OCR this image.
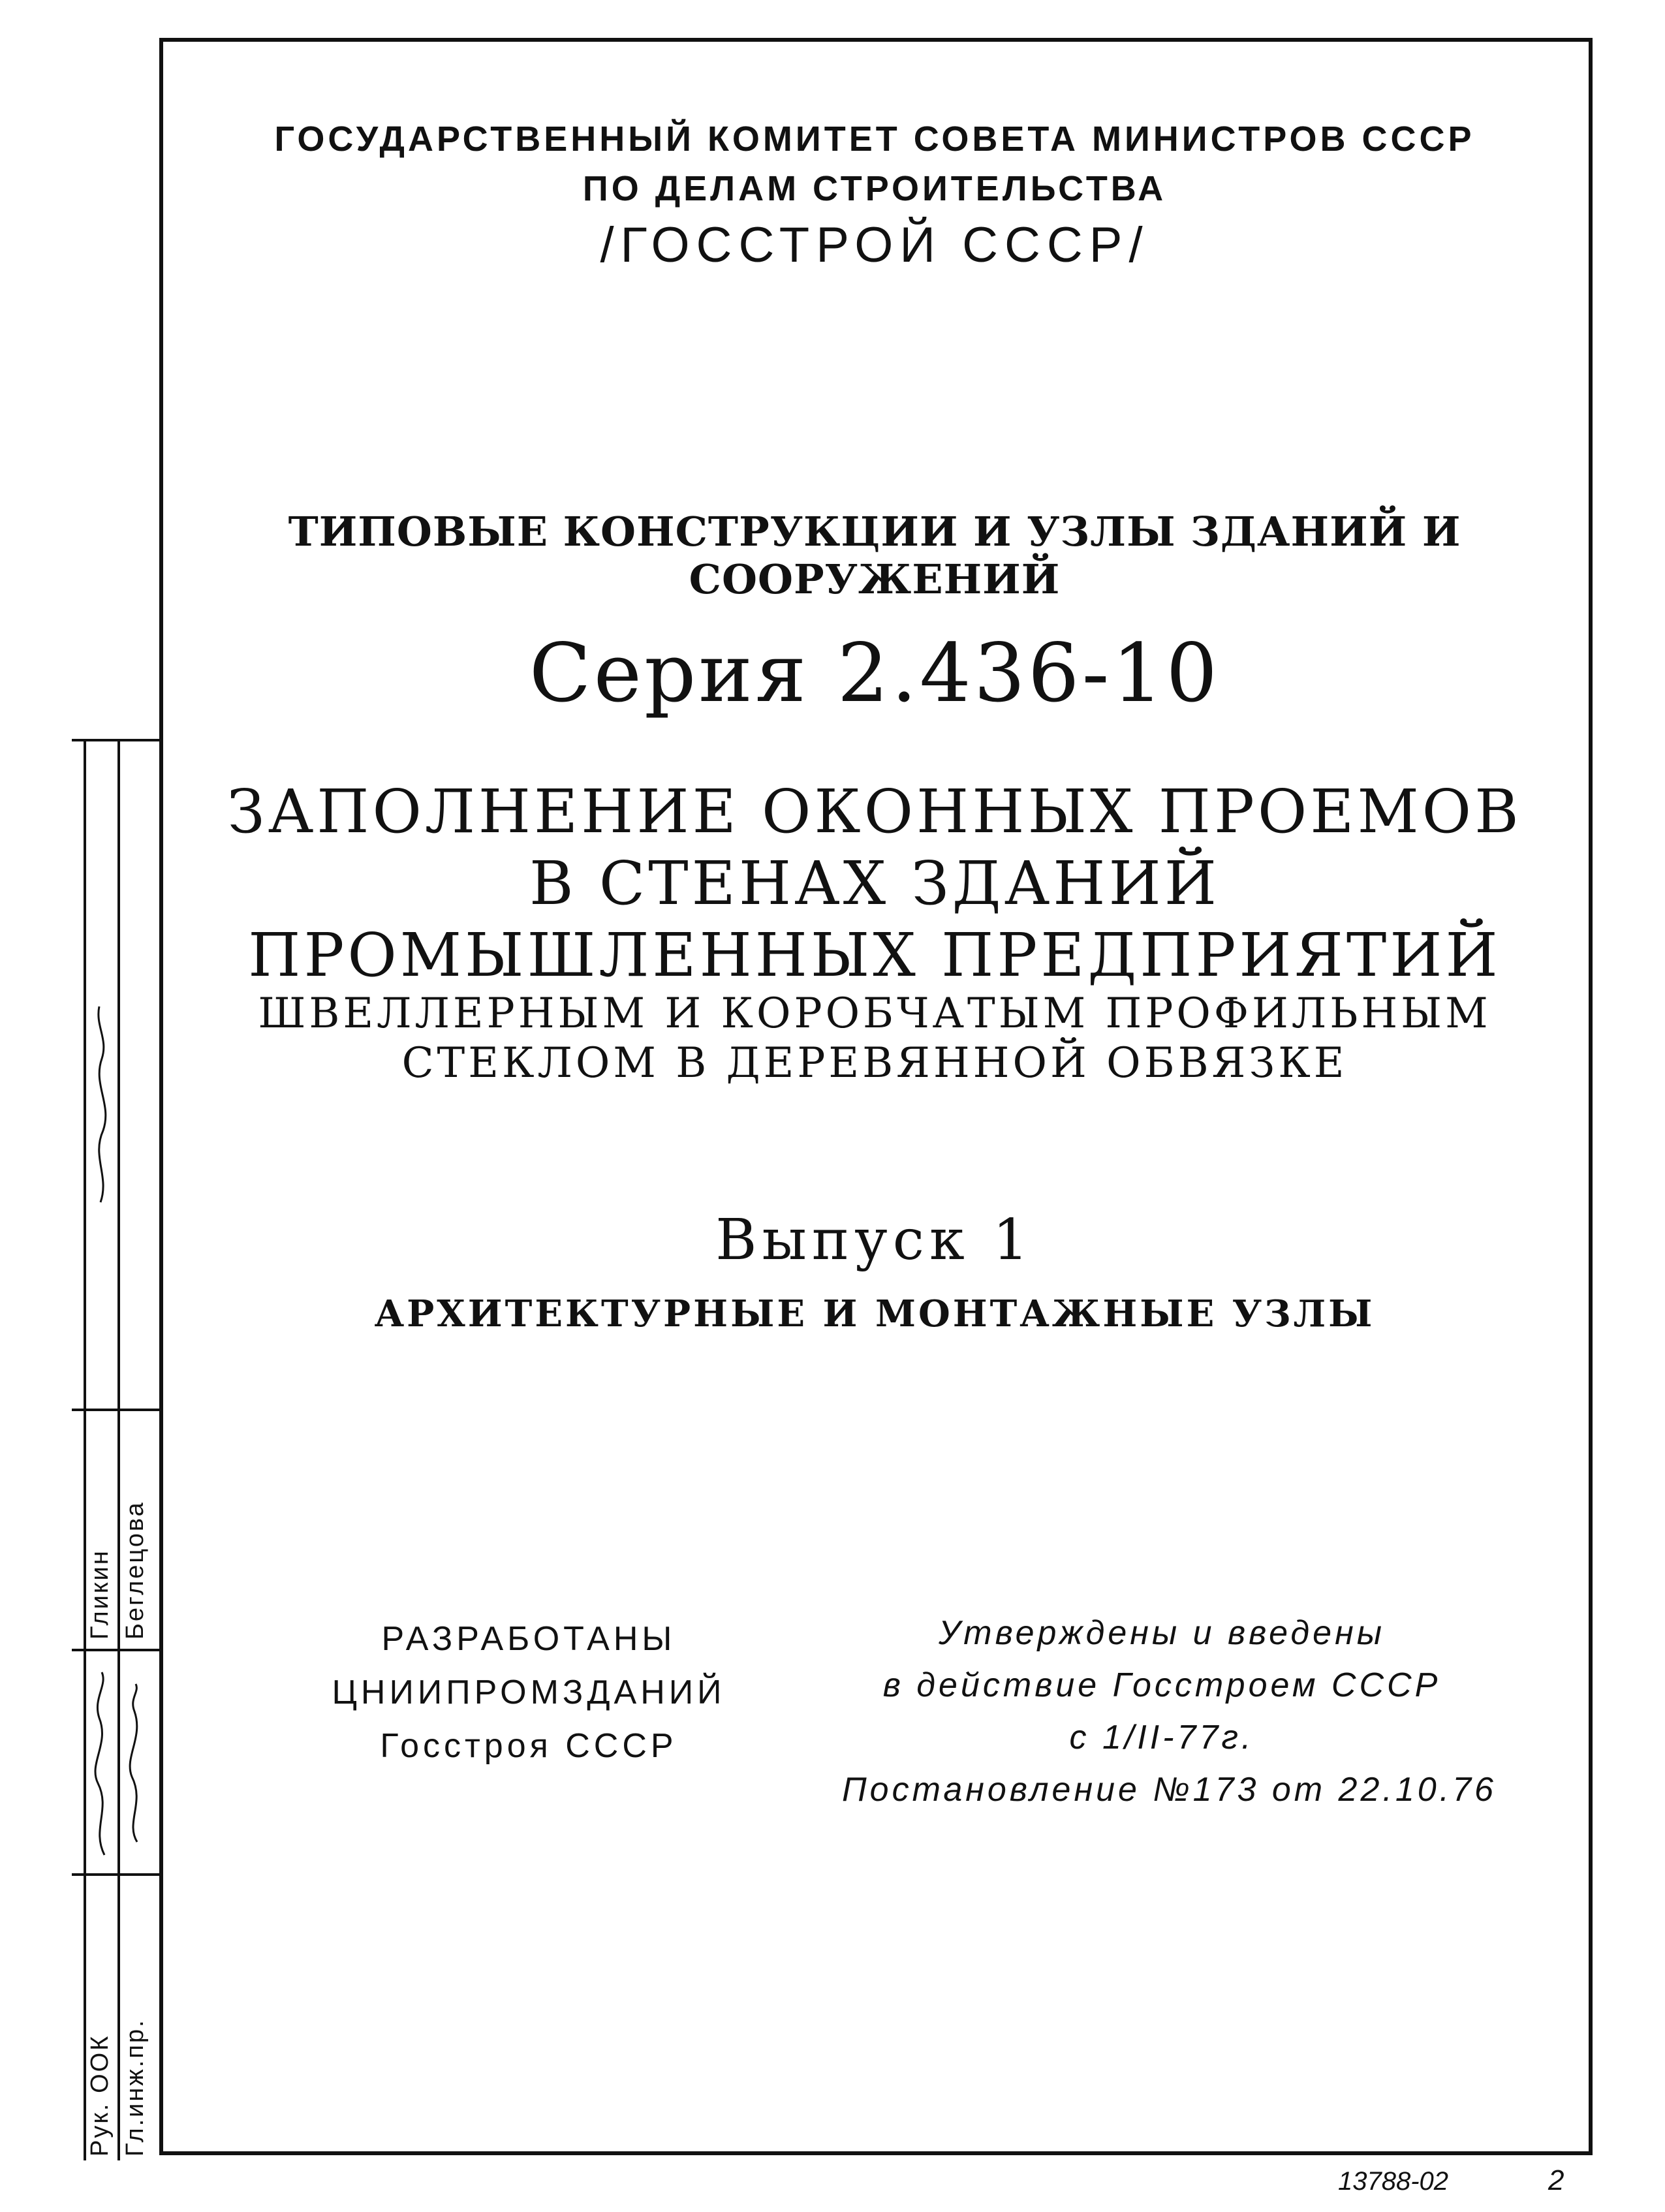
ГОСУДАРСТВЕННЫЙ КОМИТЕТ СОВЕТА МИНИСТРОВ СССР

ПО ДЕЛАМ СТРОИТЕЛЬСТВА

/ГОССТРОЙ СССР/

ТИПОВЫЕ КОНСТРУКЦИИ И УЗЛЫ ЗДАНИЙ И СООРУЖЕНИЙ

Серия 2.436-10

ЗАПОЛНЕНИЕ ОКОННЫХ ПРОЕМОВ

В СТЕНАХ ЗДАНИЙ

ПРОМЫШЛЕННЫХ ПРЕДПРИЯТИЙ

ШВЕЛЛЕРНЫМ И КОРОБЧАТЫМ ПРОФИЛЬНЫМ

СТЕКЛОМ В ДЕРЕВЯННОЙ ОБВЯЗКЕ

Выпуск 1

АРХИТЕКТУРНЫЕ И МОНТАЖНЫЕ УЗЛЫ

РАЗРАБОТАНЫ
ЦНИИПРОМЗДАНИЙ
Госстроя СССР
Утверждены и введены
в действие Госстроем СССР
с 1/II-77г.
Постановление №173 от 22.10.76
Рук. ООК Гл.инж.пр.
Гликин Беглецова
13788-02	2
